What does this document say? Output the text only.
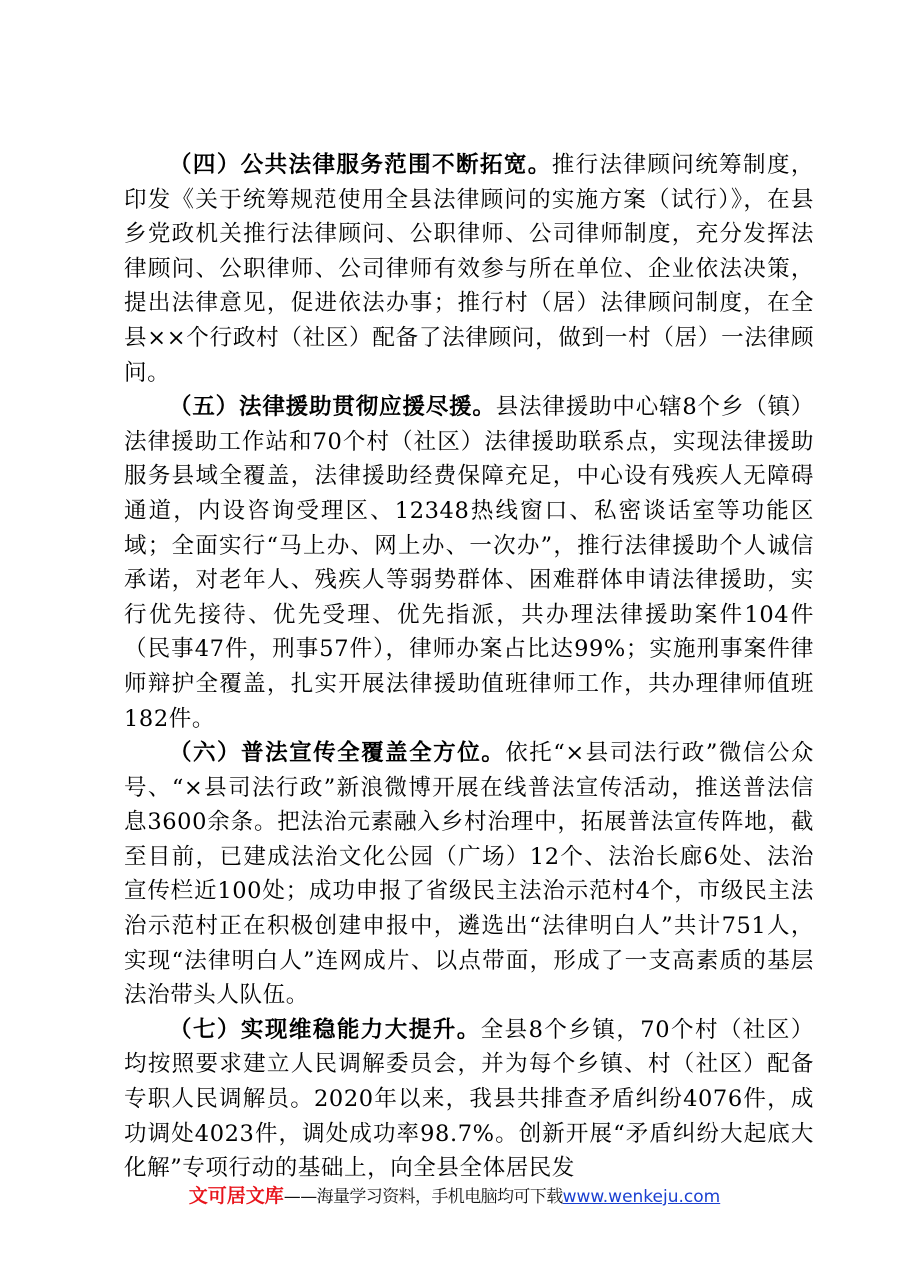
（四）公共法律服务范围不断拓宽。推行法律顾问统筹制度，印发《关于统筹规范使用全县法律顾问的实施方案（试行）》，在县乡党政机关推行法律顾问、公职律师、公司律师制度，充分发挥法律顾问、公职律师、公司律师有效参与所在单位、企业依法决策，提出法律意见，促进依法办事；推行村（居）法律顾问制度，在全县××个行政村（社区）配备了法律顾问，做到一村（居）一法律顾问。

（五）法律援助贯彻应援尽援。县法律援助中心辖8个乡（镇）法律援助工作站和70个村（社区）法律援助联系点，实现法律援助服务县域全覆盖，法律援助经费保障充足，中心设有残疾人无障碍通道，内设咨询受理区、12348热线窗口、私密谈话室等功能区域；全面实行“马上办、网上办、一次办”，推行法律援助个人诚信承诺，对老年人、残疾人等弱势群体、困难群体申请法律援助，实行优先接待、优先受理、优先指派，共办理法律援助案件104件（民事47件，刑事57件），律师办案占比达99%；实施刑事案件律师辩护全覆盖，扎实开展法律援助值班律师工作，共办理律师值班182件。

（六）普法宣传全覆盖全方位。依托“×县司法行政”微信公众号、“×县司法行政”新浪微博开展在线普法宣传活动，推送普法信息3600余条。把法治元素融入乡村治理中，拓展普法宣传阵地，截至目前，已建成法治文化公园（广场）12个、法治长廊6处、法治宣传栏近100处；成功申报了省级民主法治示范村4个，市级民主法治示范村正在积极创建申报中，遴选出“法律明白人”共计751人，实现“法律明白人”连网成片、以点带面，形成了一支高素质的基层法治带头人队伍。

（七）实现维稳能力大提升。全县8个乡镇，70个村（社区）均按照要求建立人民调解委员会，并为每个乡镇、村（社区）配备专职人民调解员。2020年以来，我县共排查矛盾纠纷4076件，成功调处4023件，调处成功率98.7%。创新开展“矛盾纠纷大起底大化解”专项行动的基础上，向全县全体居民发

文可居文库——海量学习资料，手机电脑均可下载www.wenkeju.com
